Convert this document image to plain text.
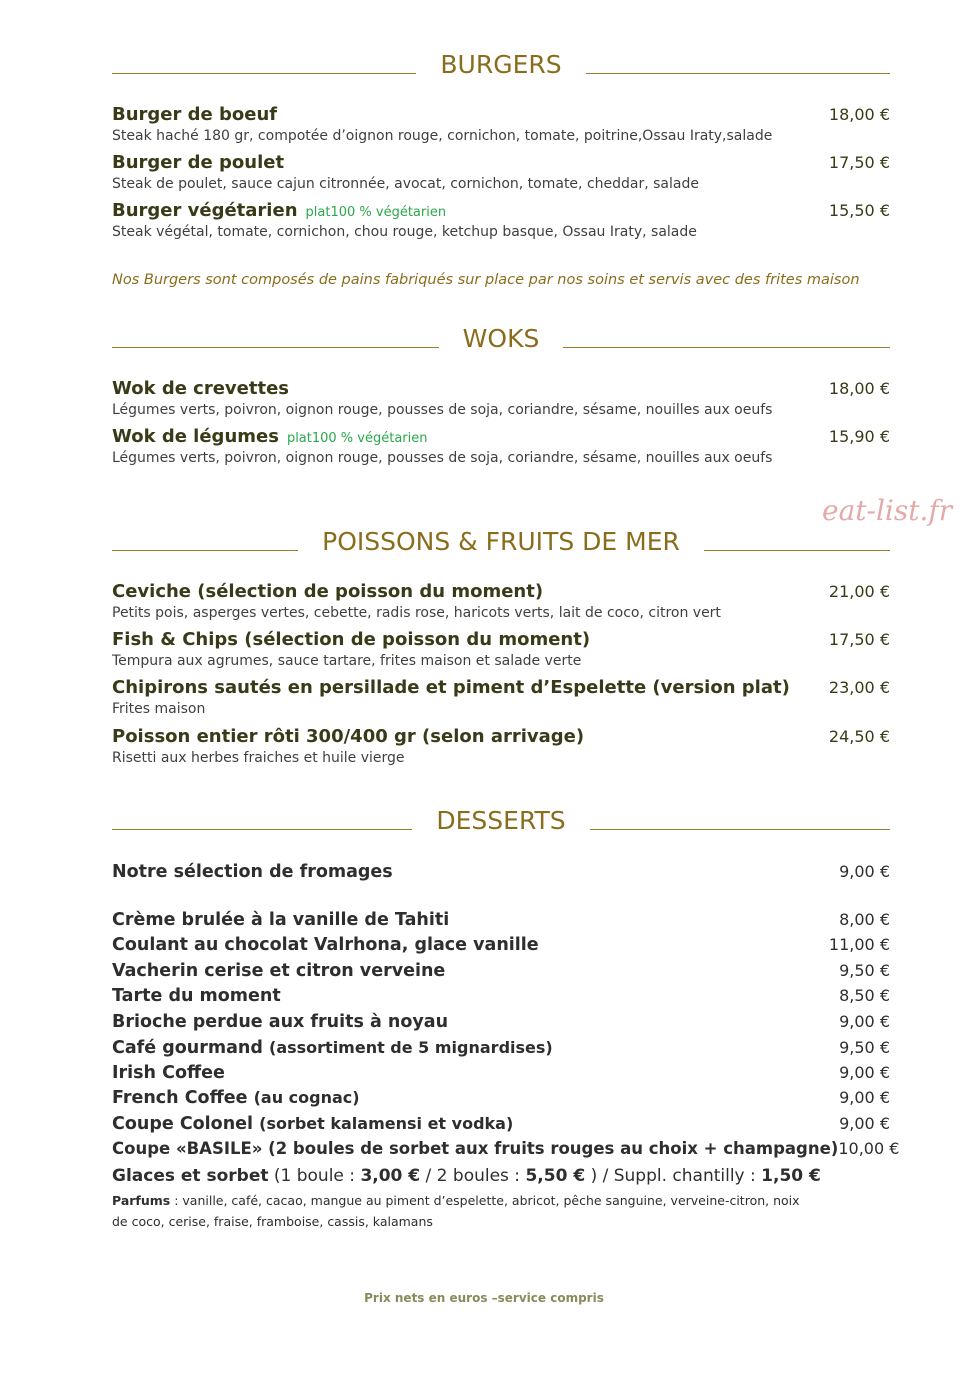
BURGERS
Burger de boeuf	18,00 €
Steak haché 180 gr, compotée d’oignon rouge, cornichon, tomate, poitrine,Ossau Iraty,salade
Burger de poulet	17,50 €
Steak de poulet, sauce cajun citronnée, avocat, cornichon, tomate, cheddar, salade
Burger végétarien plat100 % végétarien	15,50 €
Steak végétal, tomate, cornichon, chou rouge, ketchup basque, Ossau Iraty, salade
Nos Burgers sont composés de pains fabriqués sur place par nos soins et servis avec des frites maison
WOKS
Wok de crevettes	18,00 €
Légumes verts, poivron, oignon rouge, pousses de soja, coriandre, sésame, nouilles aux oeufs
Wok de légumes plat100 % végétarien	15,90 €
Légumes verts, poivron, oignon rouge, pousses de soja, coriandre, sésame, nouilles aux oeufs
eat-list.fr
POISSONS & FRUITS DE MER
Ceviche (sélection de poisson du moment)	21,00 €
Petits pois, asperges vertes, cebette, radis rose, haricots verts, lait de coco, citron vert
Fish & Chips (sélection de poisson du moment)	17,50 €
Tempura aux agrumes, sauce tartare, frites maison et salade verte
Chipirons sautés en persillade et piment d’Espelette (version plat) 23,00 €
Frites maison
Poisson entier rôti 300/400 gr (selon arrivage)	24,50 €
Risetti aux herbes fraiches et huile vierge
DESSERTS
Notre sélection de fromages	9,00 €
Crème brulée à la vanille de Tahiti	8,00 €
Coulant au chocolat Valrhona, glace vanille	11,00 €
Vacherin cerise et citron verveine	9,50 €
Tarte du moment	8,50 €
Brioche perdue aux fruits à noyau	9,00 €
Café gourmand (assortiment de 5 mignardises)	9,50 €
Irish Coffee	9,00 €
French Coffee (au cognac)	9,00 €
Coupe Colonel (sorbet kalamensi et vodka)	9,00 €
Coupe «BASILE» (2 boules de sorbet aux fruits rouges au choix + champagne) 10,00 €
Glaces et sorbet (1 boule : 3,00 € / 2 boules : 5,50 € ) / Suppl. chantilly : 1,50 €
Parfums : vanille, café, cacao, mangue au piment d’espelette, abricot, pêche sanguine, verveine-citron, noix de coco, cerise, fraise, framboise, cassis, kalamans
Prix nets en euros –service compris
